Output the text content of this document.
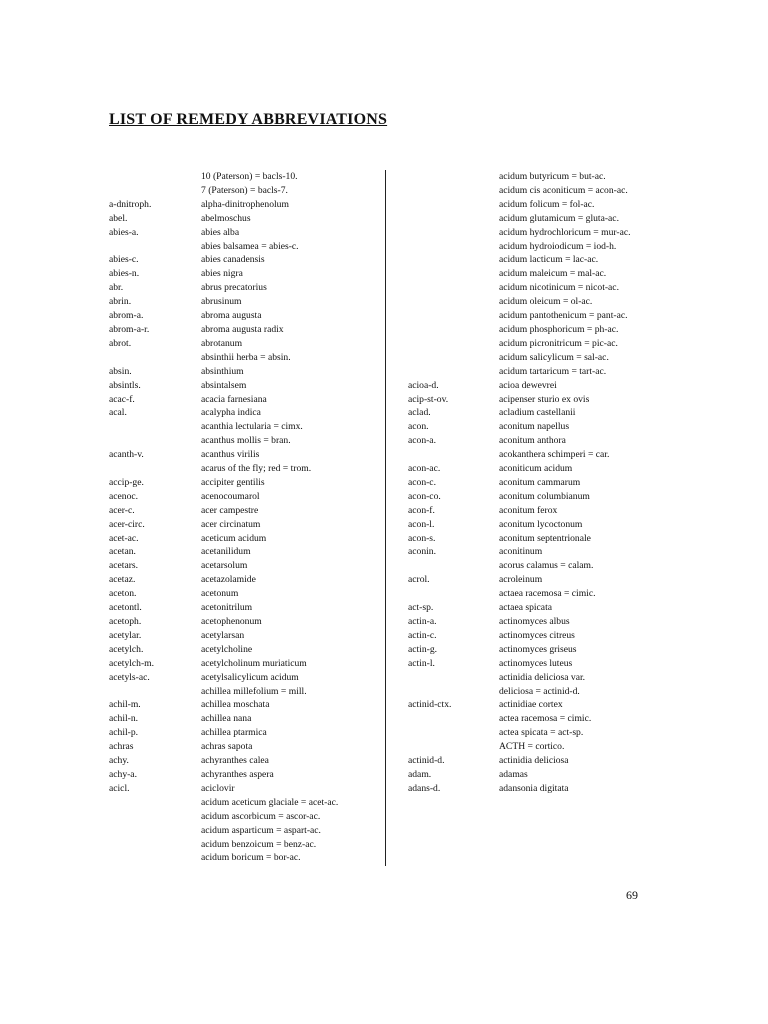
LIST OF REMEDY ABBREVIATIONS
10 (Paterson) = bacls-10.
7 (Paterson) = bacls-7.
a-dnitroph.	alpha-dinitrophenolum
abel.	abelmoschus
abies-a.	abies alba
abies balsamea = abies-c.
abies-c.	abies canadensis
abies-n.	abies nigra
abr.	abrus precatorius
abrin.	abrusinum
abrom-a.	abroma augusta
abrom-a-r.	abroma augusta radix
abrot.	abrotanum
absinthii herba = absin.
absin.	absinthium
absintls.	absintalsem
acac-f.	acacia farnesiana
acal.	acalypha indica
acanthia lectularia = cimx.
acanthus mollis = bran.
acanth-v.	acanthus virilis
acarus of the fly; red = trom.
accip-ge.	accipiter gentilis
acenoc.	acenocoumarol
acer-c.	acer campestre
acer-circ.	acer circinatum
acet-ac.	aceticum acidum
acetan.	acetanilidum
acetars.	acetarsolum
acetaz.	acetazolamide
aceton.	acetonum
acetontl.	acetonitrilum
acetoph.	acetophenonum
acetylar.	acetylarsan
acetylch.	acetylcholine
acetylch-m.	acetylcholinum muriaticum
acetyls-ac.	acetylsalicylicum acidum
achillea millefolium = mill.
achil-m.	achillea moschata
achil-n.	achillea nana
achil-p.	achillea ptarmica
achras	achras sapota
achy.	achyranthes calea
achy-a.	achyranthes aspera
acicl.	aciclovir
acidum aceticum glaciale = acet-ac.
acidum ascorbicum = ascor-ac.
acidum asparticum = aspart-ac.
acidum benzoicum = benz-ac.
acidum boricum = bor-ac.
acidum butyricum = but-ac.
acidum cis aconiticum = acon-ac.
acidum folicum = fol-ac.
acidum glutamicum = gluta-ac.
acidum hydrochloricum = mur-ac.
acidum hydroiodicum = iod-h.
acidum lacticum = lac-ac.
acidum maleicum = mal-ac.
acidum nicotinicum = nicot-ac.
acidum oleicum = ol-ac.
acidum pantothenicum = pant-ac.
acidum phosphoricum = ph-ac.
acidum picronitricum = pic-ac.
acidum salicylicum = sal-ac.
acidum tartaricum = tart-ac.
acioa-d.	acioa dewevrei
acip-st-ov.	acipenser sturio ex ovis
aclad.	acladium castellanii
acon.	aconitum napellus
acon-a.	aconitum anthora
acokanthera schimperi = car.
acon-ac.	aconiticum acidum
acon-c.	aconitum cammarum
acon-co.	aconitum columbianum
acon-f.	aconitum ferox
acon-l.	aconitum lycoctonum
acon-s.	aconitum septentrionale
aconin.	aconitinum
acorus calamus = calam.
acrol.	acroleinum
actaea racemosa = cimic.
act-sp.	actaea spicata
actin-a.	actinomyces albus
actin-c.	actinomyces citreus
actin-g.	actinomyces griseus
actin-l.	actinomyces luteus
actinidia deliciosa var.
deliciosa = actinid-d.
actinid-ctx.	actinidiae cortex
actea racemosa = cimic.
actea spicata = act-sp.
ACTH = cortico.
actinid-d.	actinidia deliciosa
adam.	adamas
adans-d.	adansonia digitata
69
